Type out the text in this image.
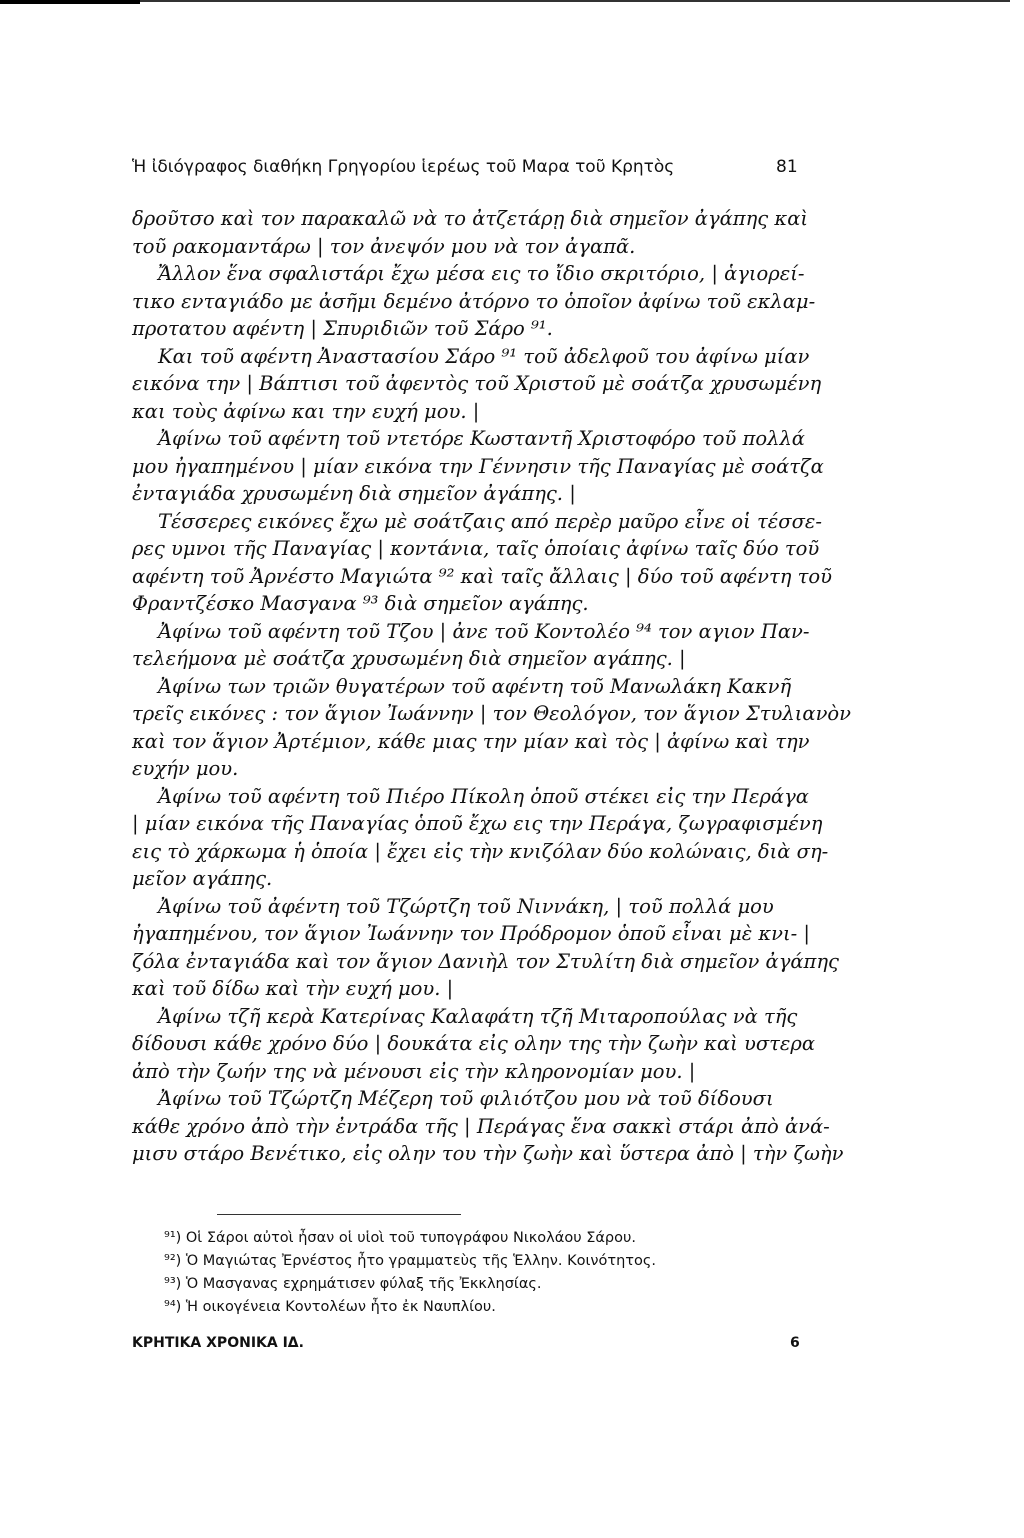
Ἡ ἰδιόγραφος διαθήκη Γρηγορίου ἱερέως τοῦ Μαρα τοῦ Κρητὸς	81
δρoῦτσο καὶ τον παρακαλῶ νὰ το ἀτζετάρῃ διὰ σημεῖον ἀγάπης καὶ
τοῦ ρακομαντάρω | τον ἀνεψόν μου νὰ τον ἀγαπᾶ.
Ἄλλον ἕνα σφαλιστάρι ἔχω μέσα εις το ἴδιο σκριτόριο, | ἁγιορεί-
τικο ενταγιάδο με ἀσῆμι δεμένο ἀτόρνο το ὁποῖον ἀφίνω τοῦ εκλαμ-
προτατου αφέντη | Σπυριδιῶν τοῦ Σάρο ⁹¹.
Και τοῦ αφέντη Ἀναστασίου Σάρο ⁹¹ τοῦ ἀδελφοῦ του ἀφίνω μίαν
εικόνα την | Βάπτισι τοῦ ἀφεντὸς τοῦ Χριστοῦ μὲ σοάτζα χρυσωμένη
και τοὺς ἀφίνω και την ευχή μου. |
Ἀφίνω τοῦ αφέντη τοῦ ντετόρε Κωσταντῆ Χριστοφόρο τοῦ πολλά
μου ἠγαπημένου | μίαν εικόνα την Γέννησιν τῆς Παναγίας μὲ σοάτζα
ἐνταγιάδα χρυσωμένη διὰ σημεῖον ἀγάπης. |
Τέσσερες εικόνες ἔχω μὲ σοάτζαις από περὲρ μαῦρο εἶνε οἱ τέσσε-
ρες υμνοι τῆς Παναγίας | κοντάνια, ταῖς ὁποίαις ἀφίνω ταῖς δύο τοῦ
αφέντη τοῦ Ἀρνέστο Μαγιώτα ⁹² καὶ ταῖς ἄλλαις | δύο τοῦ αφέντη τοῦ
Φραντζέσκο Μασγανα ⁹³ διὰ σημεῖον αγάπης.
Ἀφίνω τοῦ αφέντη τοῦ Τζου | ἀνε τοῦ Κοντολέο ⁹⁴ τον αγιον Παν-
τελεήμονα μὲ σοάτζα χρυσωμένη διὰ σημεῖον αγάπης. |
Ἀφίνω των τριῶν θυγατέρων τοῦ αφέντη τοῦ Μανωλάκη Κακνῆ
τρεῖς εικόνες : τον ἅγιον Ἰωάννην | τον Θεολόγον, τον ἅγιον Στυλιανὸν
καὶ τον ἅγιον Ἀρτέμιον, κάθε μιας την μίαν καὶ τὸς | ἀφίνω καὶ την
ευχήν μου.
Ἀφίνω τοῦ αφέντη τοῦ Πιέρο Πίκολη ὁποῦ στέκει εἰς την Περάγα
| μίαν εικόνα τῆς Παναγίας ὁποῦ ἔχω εις την Περάγα, ζωγραφισμένη
εις τὸ χάρκωμα ἡ ὁποία | ἔχει εἰς τὴν κνιζόλαν δύο κολώναις, διὰ ση-
μεῖον αγάπης.
Ἀφίνω τοῦ ἀφέντη τοῦ Τζώρτζη τοῦ Νιννάκη, | τοῦ πολλά μου
ἠγαπημένου, τον ἅγιον Ἰωάννην τον Πρόδρομον ὁποῦ εἶναι μὲ κνι- |
ζόλα ἐνταγιάδα καὶ τον ἅγιον Δανιὴλ τον Στυλίτη διὰ σημεῖον ἀγάπης
καὶ τοῦ δίδω καὶ τὴν ευχή μου. |
Ἀφίνω τζῆ κερὰ Κατερίνας Καλαφάτη τζῆ Μιταροπούλας νὰ τῆς
δίδουσι κάθε χρόνο δύο | δουκάτα εἰς ολην της τὴν ζωὴν καὶ υστερα
ἀπὸ τὴν ζωήν της νὰ μένουσι εἰς τὴν κληρονομίαν μου. |
Ἀφίνω τοῦ Τζώρτζη Μέζερη τοῦ φιλιότζου μου νὰ τοῦ δίδουσι
κάθε χρόνο ἀπὸ τὴν ἐντράδα τῆς | Περάγας ἕνα σακκὶ στάρι ἀπὸ ἀνά-
μισυ στάρο Βενέτικο, εἰς ολην του τὴν ζωὴν καὶ ὕστερα ἀπὸ | τὴν ζωὴν
⁹¹) Οἱ Σάροι αὐτοὶ ἦσαν οἱ υἱοὶ τοῦ τυπογράφου Νικολάου Σάρου.
⁹²) Ὁ Μαγιώτας Ἐρνέστος ἦτο γραμματεὺς τῆς Ἑλλην. Κοινότητος.
⁹³) Ὁ Μασγανας εχρημάτισεν φύλαξ τῆς Ἐκκλησίας.
⁹⁴) Ἡ οικογένεια Κοντολέων ἦτο ἐκ Ναυπλίου.
ΚΡΗΤΙΚΑ ΧΡΟΝΙΚΑ ΙΔ.	6
